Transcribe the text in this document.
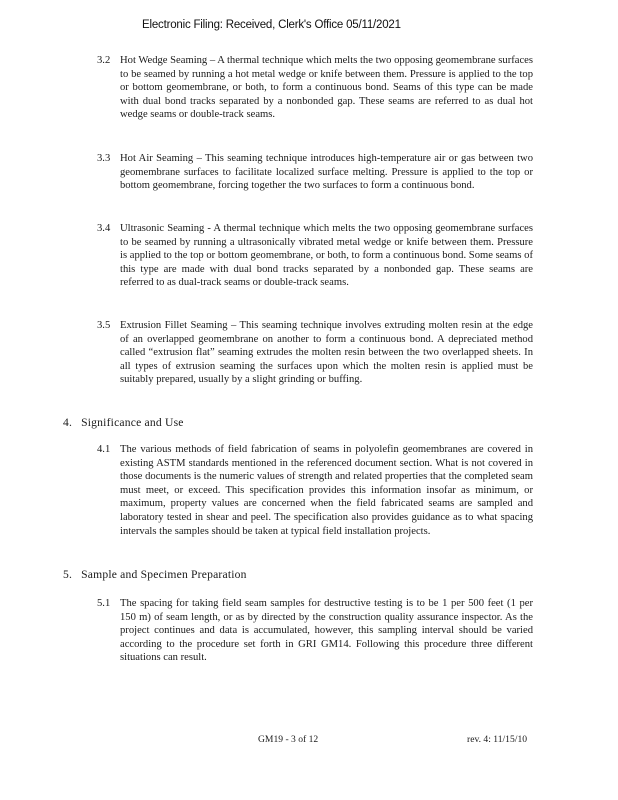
Electronic Filing: Received, Clerk's Office 05/11/2021
3.2 Hot Wedge Seaming – A thermal technique which melts the two opposing geomembrane surfaces to be seamed by running a hot metal wedge or knife between them. Pressure is applied to the top or bottom geomembrane, or both, to form a continuous bond. Seams of this type can be made with dual bond tracks separated by a nonbonded gap. These seams are referred to as dual hot wedge seams or double-track seams.
3.3 Hot Air Seaming – This seaming technique introduces high-temperature air or gas between two geomembrane surfaces to facilitate localized surface melting. Pressure is applied to the top or bottom geomembrane, forcing together the two surfaces to form a continuous bond.
3.4 Ultrasonic Seaming - A thermal technique which melts the two opposing geomembrane surfaces to be seamed by running a ultrasonically vibrated metal wedge or knife between them. Pressure is applied to the top or bottom geomembrane, or both, to form a continuous bond. Some seams of this type are made with dual bond tracks separated by a nonbonded gap. These seams are referred to as dual-track seams or double-track seams.
3.5 Extrusion Fillet Seaming – This seaming technique involves extruding molten resin at the edge of an overlapped geomembrane on another to form a continuous bond. A depreciated method called “extrusion flat” seaming extrudes the molten resin between the two overlapped sheets. In all types of extrusion seaming the surfaces upon which the molten resin is applied must be suitably prepared, usually by a slight grinding or buffing.
4. Significance and Use
4.1 The various methods of field fabrication of seams in polyolefin geomembranes are covered in existing ASTM standards mentioned in the referenced document section. What is not covered in those documents is the numeric values of strength and related properties that the completed seam must meet, or exceed. This specification provides this information insofar as minimum, or maximum, property values are concerned when the field fabricated seams are sampled and laboratory tested in shear and peel. The specification also provides guidance as to what spacing intervals the samples should be taken at typical field installation projects.
5. Sample and Specimen Preparation
5.1 The spacing for taking field seam samples for destructive testing is to be 1 per 500 feet (1 per 150 m) of seam length, or as by directed by the construction quality assurance inspector. As the project continues and data is accumulated, however, this sampling interval should be varied according to the procedure set forth in GRI GM14. Following this procedure three different situations can result.
GM19 - 3 of 12	rev. 4: 11/15/10
